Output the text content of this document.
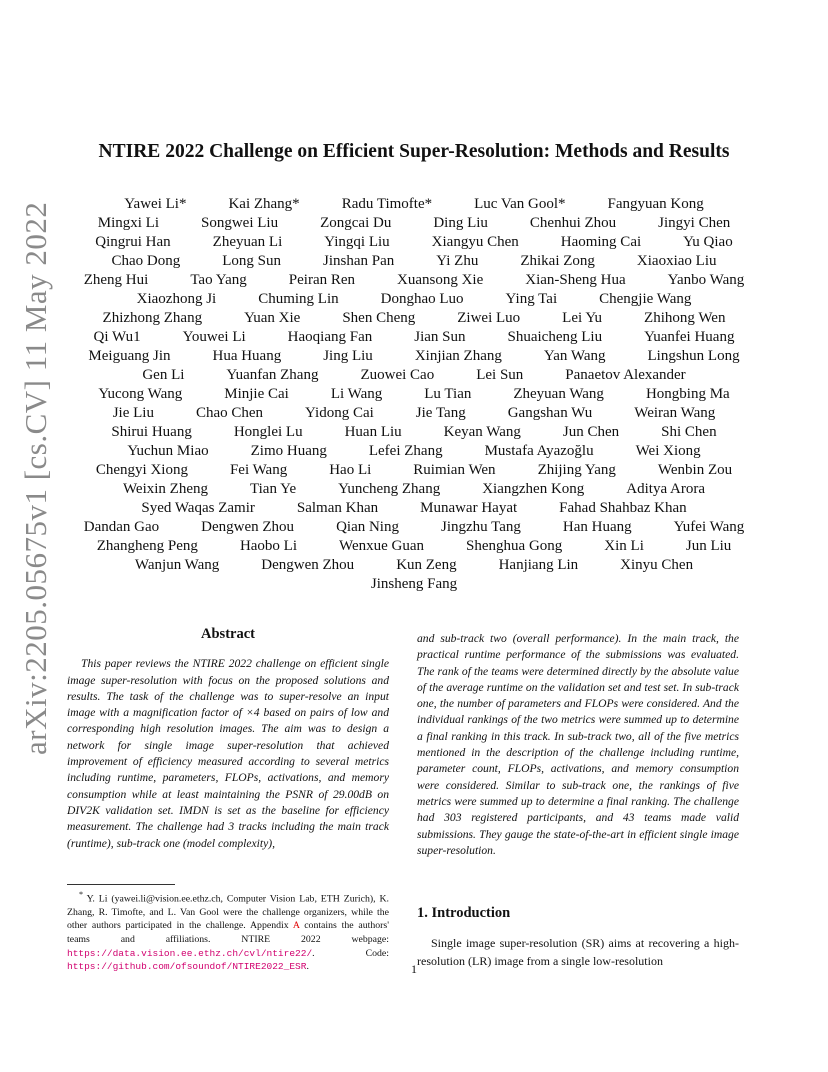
arXiv:2205.05675v1 [cs.CV] 11 May 2022
NTIRE 2022 Challenge on Efficient Super-Resolution: Methods and Results
Yawei Li*	Kai Zhang*	Radu Timofte*	Luc Van Gool*	Fangyuan Kong
Mingxi Li	Songwei Liu	Zongcai Du	Ding Liu	Chenhui Zhou	Jingyi Chen
Qingrui Han	Zheyuan Li	Yingqi Liu	Xiangyu Chen	Haoming Cai	Yu Qiao
Chao Dong	Long Sun	Jinshan Pan	Yi Zhu	Zhikai Zong	Xiaoxiao Liu
Zheng Hui	Tao Yang	Peiran Ren	Xuansong Xie	Xian-Sheng Hua	Yanbo Wang
Xiaozhong Ji	Chuming Lin	Donghao Luo	Ying Tai	Chengjie Wang
Zhizhong Zhang	Yuan Xie	Shen Cheng	Ziwei Luo	Lei Yu	Zhihong Wen
Qi Wu1	Youwei Li	Haoqiang Fan	Jian Sun	Shuaicheng Liu	Yuanfei Huang
Meiguang Jin	Hua Huang	Jing Liu	Xinjian Zhang	Yan Wang	Lingshun Long
Gen Li	Yuanfan Zhang	Zuowei Cao	Lei Sun	Panaetov Alexander
Yucong Wang	Minjie Cai	Li Wang	Lu Tian	Zheyuan Wang	Hongbing Ma
Jie Liu	Chao Chen	Yidong Cai	Jie Tang	Gangshan Wu	Weiran Wang
Shirui Huang	Honglei Lu	Huan Liu	Keyan Wang	Jun Chen	Shi Chen
Yuchun Miao	Zimo Huang	Lefei Zhang	Mustafa Ayazoğlu	Wei Xiong
Chengyi Xiong	Fei Wang	Hao Li	Ruimian Wen	Zhijing Yang	Wenbin Zou
Weixin Zheng	Tian Ye	Yuncheng Zhang	Xiangzhen Kong	Aditya Arora
Syed Waqas Zamir	Salman Khan	Munawar Hayat	Fahad Shahbaz Khan
Dandan Gao	Dengwen Zhou	Qian Ning	Jingzhu Tang	Han Huang	Yufei Wang
Zhangheng Peng	Haobo Li	Wenxue Guan	Shenghua Gong	Xin Li	Jun Liu
Wanjun Wang	Dengwen Zhou	Kun Zeng	Hanjiang Lin	Xinyu Chen
Jinsheng Fang
Abstract

This paper reviews the NTIRE 2022 challenge on efficient single image super-resolution with focus on the proposed solutions and results. The task of the challenge was to super-resolve an input image with a magnification factor of ×4 based on pairs of low and corresponding high resolution images. The aim was to design a network for single image super-resolution that achieved improvement of efficiency measured according to several metrics including runtime, parameters, FLOPs, activations, and memory consumption while at least maintaining the PSNR of 29.00dB on DIV2K validation set. IMDN is set as the baseline for efficiency measurement. The challenge had 3 tracks including the main track (runtime), sub-track one (model complexity),

and sub-track two (overall performance). In the main track, the practical runtime performance of the submissions was evaluated. The rank of the teams were determined directly by the absolute value of the average runtime on the validation set and test set. In sub-track one, the number of parameters and FLOPs were considered. And the individual rankings of the two metrics were summed up to determine a final ranking in this track. In sub-track two, all of the five metrics mentioned in the description of the challenge including runtime, parameter count, FLOPs, activations, and memory consumption were considered. Similar to sub-track one, the rankings of five metrics were summed up to determine a final ranking. The challenge had 303 registered participants, and 43 teams made valid submissions. They gauge the state-of-the-art in efficient single image super-resolution.

* Y. Li (yawei.li@vision.ee.ethz.ch, Computer Vision Lab, ETH Zurich), K. Zhang, R. Timofte, and L. Van Gool were the challenge organizers, while the other authors participated in the challenge. Appendix A contains the authors' teams and affiliations. NTIRE 2022 webpage: https://data.vision.ee.ethz.ch/cvl/ntire22/. Code: https://github.com/ofsoundof/NTIRE2022_ESR.

1. Introduction

Single image super-resolution (SR) aims at recovering a high-resolution (LR) image from a single low-resolution

1
